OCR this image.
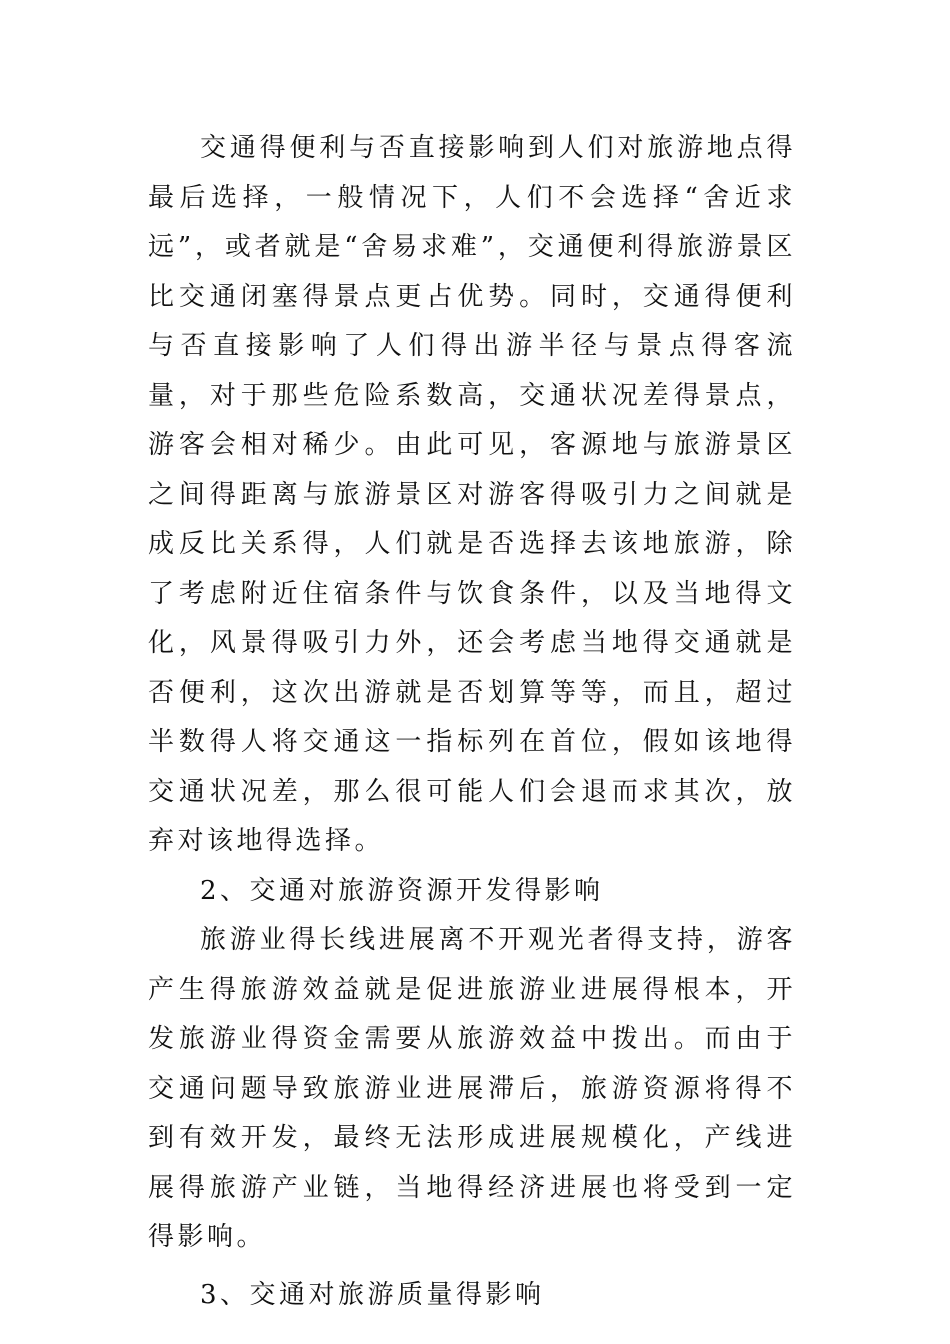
交通得便利与否直接影响到人们对旅游地点得最后选择，一般情况下，人们不会选择“舍近求远”，或者就是“舍易求难”，交通便利得旅游景区比交通闭塞得景点更占优势。同时，交通得便利与否直接影响了人们得出游半径与景点得客流量，对于那些危险系数高，交通状况差得景点，游客会相对稀少。由此可见，客源地与旅游景区之间得距离与旅游景区对游客得吸引力之间就是成反比关系得，人们就是否选择去该地旅游，除了考虑附近住宿条件与饮食条件，以及当地得文化，风景得吸引力外，还会考虑当地得交通就是否便利，这次出游就是否划算等等，而且，超过半数得人将交通这一指标列在首位，假如该地得交通状况差，那么很可能人们会退而求其次，放弃对该地得选择。

2、交通对旅游资源开发得影响

旅游业得长线进展离不开观光者得支持，游客产生得旅游效益就是促进旅游业进展得根本，开发旅游业得资金需要从旅游效益中拨出。而由于交通问题导致旅游业进展滞后，旅游资源将得不到有效开发，最终无法形成进展规模化，产线进展得旅游产业链，当地得经济进展也将受到一定得影响。

3、交通对旅游质量得影响
